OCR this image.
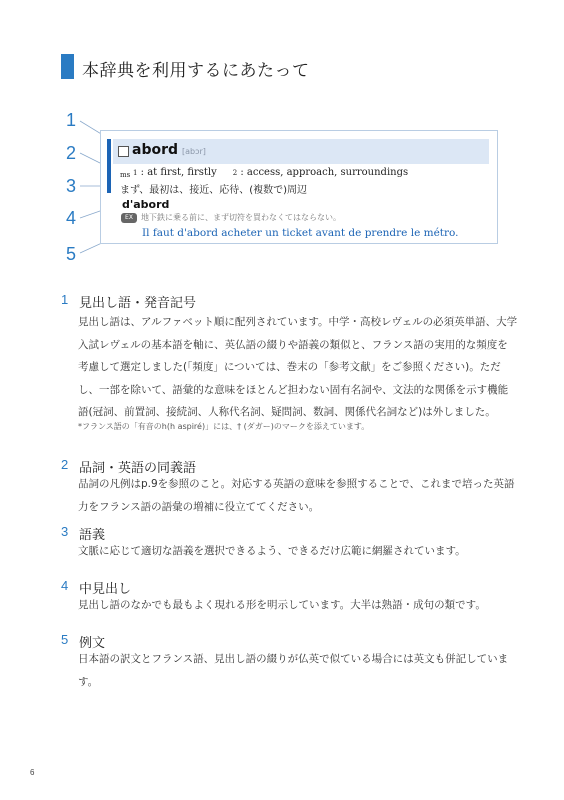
本辞典を利用するにあたって
1
2
3
4
5
abord [abɔr]
ms 1 : at first, firstly 2 : access, approach, surroundings
まず、最初は、接近、応待、(複数で)周辺
d'abord
EX	地下鉄に乗る前に、まず切符を買わなくてはならない。
Il faut d'abord acheter un ticket avant de prendre le métro.
1 見出し語・発音記号
見出し語は、アルファベット順に配列されています。中学・高校レヴェルの必須英単語、大学入試レヴェルの基本語を軸に、英仏語の綴りや語義の類似と、フランス語の実用的な頻度を考慮して選定しました(「頻度」については、巻末の「参考文献」をご参照ください)。ただし、一部を除いて、語彙的な意味をほとんど担わない固有名詞や、文法的な関係を示す機能語(冠詞、前置詞、接続詞、人称代名詞、疑問詞、数詞、関係代名詞など)は外しました。
*フランス語の「有音のh(h aspiré)」には、† (ダガー)のマークを添えています。
2 品詞・英語の同義語
品詞の凡例はp.9を参照のこと。対応する英語の意味を参照することで、これまで培った英語力をフランス語の語彙の増補に役立ててください。
3 語義
文脈に応じて適切な語義を選択できるよう、できるだけ広範に網羅されています。
4 中見出し
見出し語のなかでも最もよく現れる形を明示しています。大半は熟語・成句の類です。
5 例文
日本語の訳文とフランス語、見出し語の綴りが仏英で似ている場合には英文も併記しています。
6
